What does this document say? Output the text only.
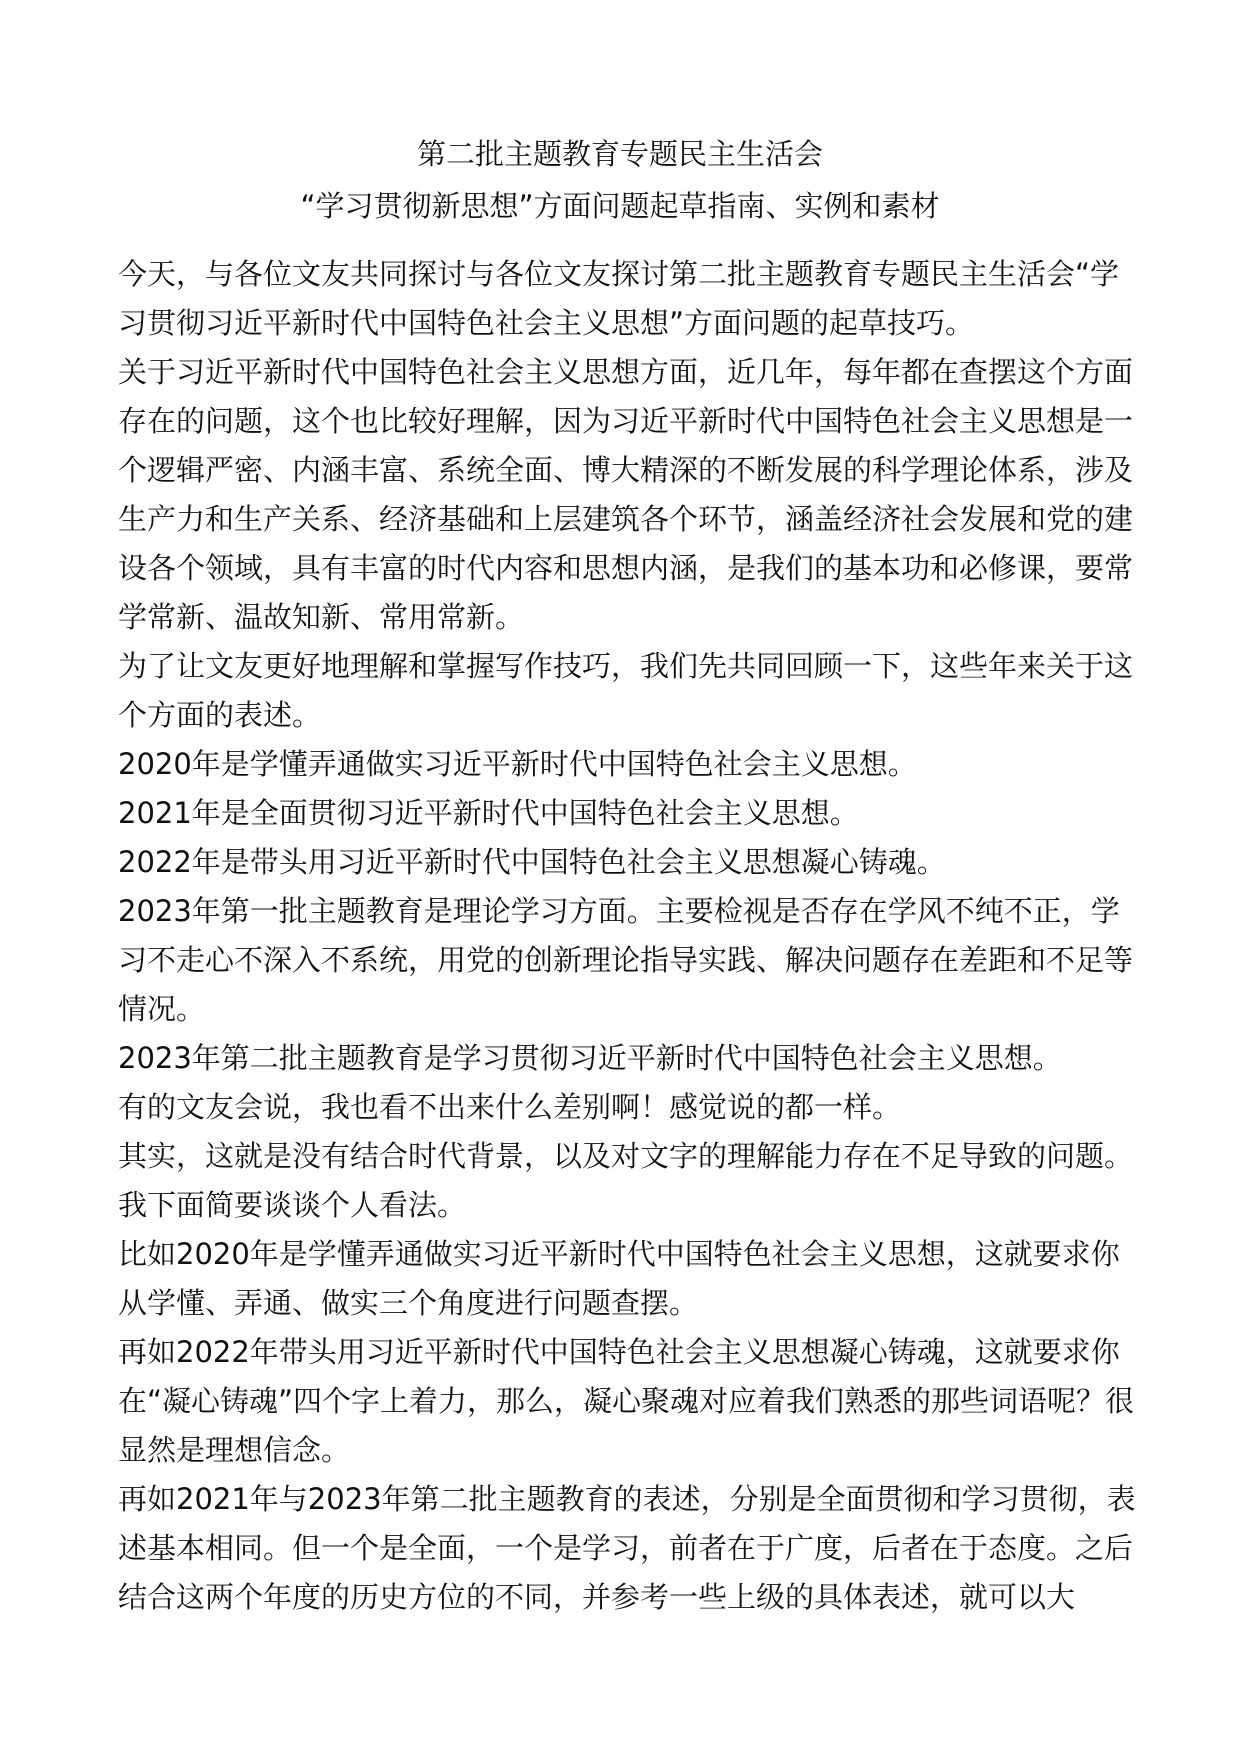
第二批主题教育专题民主生活会
“学习贯彻新思想”方面问题起草指南、实例和素材

今天，与各位文友共同探讨与各位文友探讨第二批主题教育专题民主生活会“学习贯彻习近平新时代中国特色社会主义思想”方面问题的起草技巧。

关于习近平新时代中国特色社会主义思想方面，近几年，每年都在查摆这个方面存在的问题，这个也比较好理解，因为习近平新时代中国特色社会主义思想是一个逻辑严密、内涵丰富、系统全面、博大精深的不断发展的科学理论体系，涉及生产力和生产关系、经济基础和上层建筑各个环节，涵盖经济社会发展和党的建设各个领域，具有丰富的时代内容和思想内涵，是我们的基本功和必修课，要常学常新、温故知新、常用常新。

为了让文友更好地理解和掌握写作技巧，我们先共同回顾一下，这些年来关于这个方面的表述。

2020年是学懂弄通做实习近平新时代中国特色社会主义思想。

2021年是全面贯彻习近平新时代中国特色社会主义思想。

2022年是带头用习近平新时代中国特色社会主义思想凝心铸魂。

2023年第一批主题教育是理论学习方面。主要检视是否存在学风不纯不正，学习不走心不深入不系统，用党的创新理论指导实践、解决问题存在差距和不足等情况。

2023年第二批主题教育是学习贯彻习近平新时代中国特色社会主义思想。

有的文友会说，我也看不出来什么差别啊！感觉说的都一样。

其实，这就是没有结合时代背景，以及对文字的理解能力存在不足导致的问题。我下面简要谈谈个人看法。

比如2020年是学懂弄通做实习近平新时代中国特色社会主义思想，这就要求你从学懂、弄通、做实三个角度进行问题查摆。

再如2022年带头用习近平新时代中国特色社会主义思想凝心铸魂，这就要求你在“凝心铸魂”四个字上着力，那么，凝心聚魂对应着我们熟悉的那些词语呢？很显然是理想信念。

再如2021年与2023年第二批主题教育的表述，分别是全面贯彻和学习贯彻，表述基本相同。但一个是全面，一个是学习，前者在于广度，后者在于态度。之后结合这两个年度的历史方位的不同，并参考一些上级的具体表述，就可以大
